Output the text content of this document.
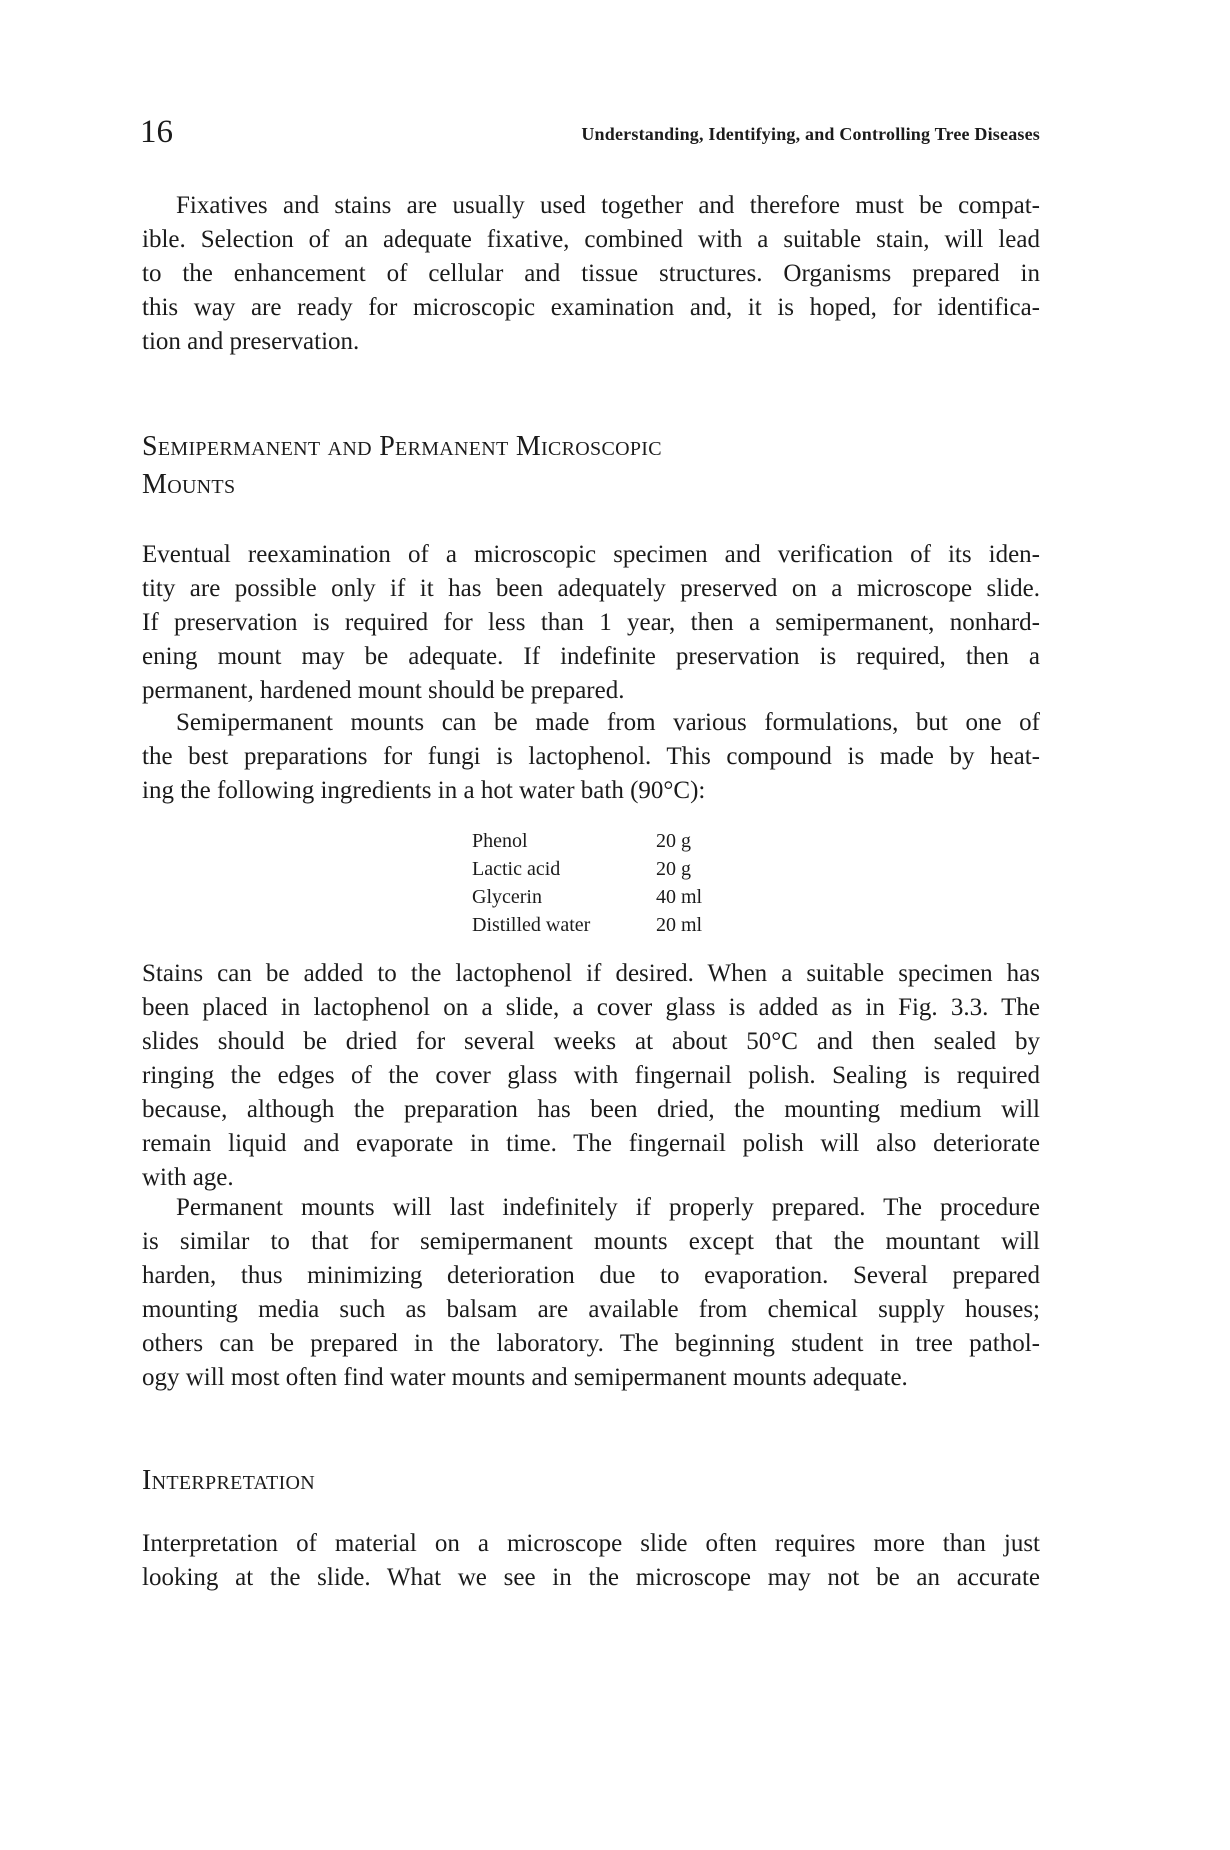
16	Understanding, Identifying, and Controlling Tree Diseases
Fixatives and stains are usually used together and therefore must be compat-
ible. Selection of an adequate fixative, combined with a suitable stain, will lead
to the enhancement of cellular and tissue structures. Organisms prepared in
this way are ready for microscopic examination and, it is hoped, for identifica-
tion and preservation.
Semipermanent and Permanent Microscopic
Mounts
Eventual reexamination of a microscopic specimen and verification of its iden-
tity are possible only if it has been adequately preserved on a microscope slide.
If preservation is required for less than 1 year, then a semipermanent, nonhard-
ening mount may be adequate. If indefinite preservation is required, then a
permanent, hardened mount should be prepared.
Semipermanent mounts can be made from various formulations, but one of
the best preparations for fungi is lactophenol. This compound is made by heat-
ing the following ingredients in a hot water bath (90°C):
Phenol	20 g
Lactic acid	20 g
Glycerin	40 ml
Distilled water	20 ml
Stains can be added to the lactophenol if desired. When a suitable specimen has
been placed in lactophenol on a slide, a cover glass is added as in Fig. 3.3. The
slides should be dried for several weeks at about 50°C and then sealed by
ringing the edges of the cover glass with fingernail polish. Sealing is required
because, although the preparation has been dried, the mounting medium will
remain liquid and evaporate in time. The fingernail polish will also deteriorate
with age.
Permanent mounts will last indefinitely if properly prepared. The procedure
is similar to that for semipermanent mounts except that the mountant will
harden, thus minimizing deterioration due to evaporation. Several prepared
mounting media such as balsam are available from chemical supply houses;
others can be prepared in the laboratory. The beginning student in tree pathol-
ogy will most often find water mounts and semipermanent mounts adequate.
Interpretation
Interpretation of material on a microscope slide often requires more than just
looking at the slide. What we see in the microscope may not be an accurate
